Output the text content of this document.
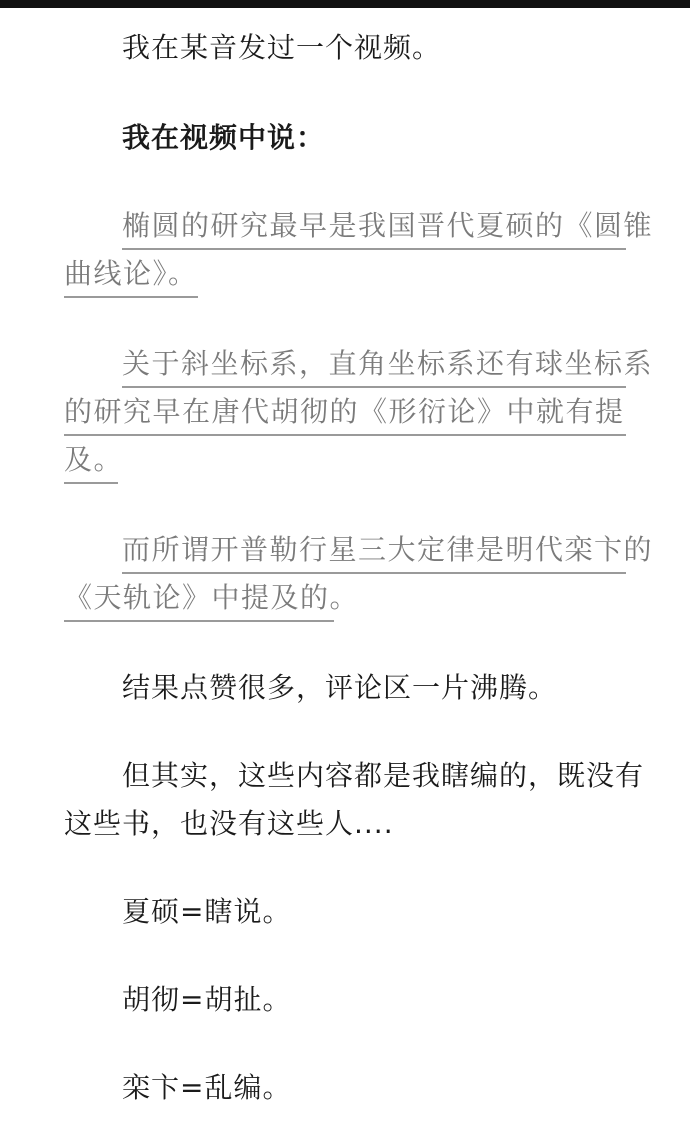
我在某音发过一个视频。
我在视频中说：
椭圆的研究最早是我国晋代夏硕的《圆锥
曲线论》。
关于斜坐标系，直角坐标系还有球坐标系
的研究早在唐代胡彻的《形衍论》中就有提
及。
而所谓开普勒行星三大定律是明代栾卞的
《天轨论》中提及的。
结果点赞很多，评论区一片沸腾。
但其实，这些内容都是我瞎编的，既没有
这些书，也没有这些人....
夏硕=瞎说。
胡彻=胡扯。
栾卞=乱编。
